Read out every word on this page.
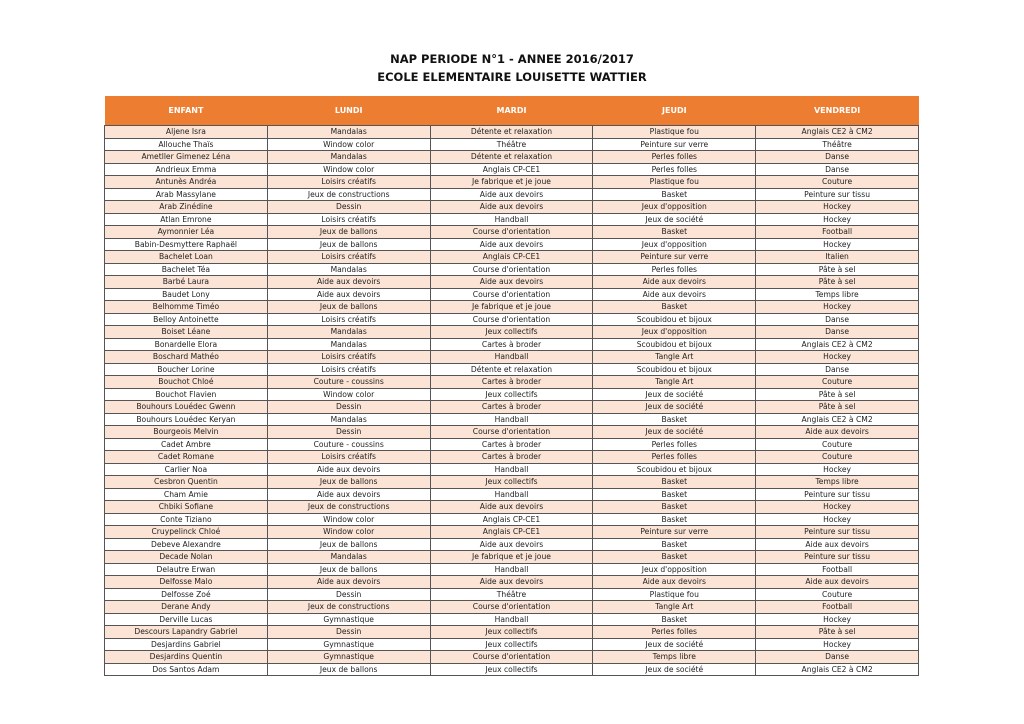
NAP PERIODE N°1 - ANNEE 2016/2017
ECOLE ELEMENTAIRE LOUISETTE WATTIER
ENFANT	LUNDI	MARDI	JEUDI	VENDREDI
Aljene Isra	Mandalas	Détente et relaxation	Plastique fou	Anglais CE2 à CM2
Allouche Thaïs	Window color	Théâtre	Peinture sur verre	Théâtre
Ametller Gimenez Léna	Mandalas	Détente et relaxation	Perles folles	Danse
Andrieux Emma	Window color	Anglais CP-CE1	Perles folles	Danse
Antunès Andréa	Loisirs créatifs	Je fabrique et je joue	Plastique fou	Couture
Arab Massylane	Jeux de constructions	Aide aux devoirs	Basket	Peinture sur tissu
Arab Zinédine	Dessin	Aide aux devoirs	Jeux d'opposition	Hockey
Atlan Emrone	Loisirs créatifs	Handball	Jeux de société	Hockey
Aymonnier Léa	Jeux de ballons	Course d'orientation	Basket	Football
Babin-Desmyttere Raphaël	Jeux de ballons	Aide aux devoirs	Jeux d'opposition	Hockey
Bachelet Loan	Loisirs créatifs	Anglais CP-CE1	Peinture sur verre	Italien
Bachelet Téa	Mandalas	Course d'orientation	Perles folles	Pâte à sel
Barbé Laura	Aide aux devoirs	Aide aux devoirs	Aide aux devoirs	Pâte à sel
Baudet Lony	Aide aux devoirs	Course d'orientation	Aide aux devoirs	Temps libre
Belhomme Timéo	Jeux de ballons	Je fabrique et je joue	Basket	Hockey
Belloy Antoinette	Loisirs créatifs	Course d'orientation	Scoubidou et bijoux	Danse
Boiset Léane	Mandalas	Jeux collectifs	Jeux d'opposition	Danse
Bonardelle Elora	Mandalas	Cartes à broder	Scoubidou et bijoux	Anglais CE2 à CM2
Boschard Mathéo	Loisirs créatifs	Handball	Tangle Art	Hockey
Boucher Lorine	Loisirs créatifs	Détente et relaxation	Scoubidou et bijoux	Danse
Bouchot Chloé	Couture - coussins	Cartes à broder	Tangle Art	Couture
Bouchot Flavien	Window color	Jeux collectifs	Jeux de société	Pâte à sel
Bouhours Louédec Gwenn	Dessin	Cartes à broder	Jeux de société	Pâte à sel
Bouhours Louédec Keryan	Mandalas	Handball	Basket	Anglais CE2 à CM2
Bourgeois Melvin	Dessin	Course d'orientation	Jeux de société	Aide aux devoirs
Cadet Ambre	Couture - coussins	Cartes à broder	Perles folles	Couture
Cadet Romane	Loisirs créatifs	Cartes à broder	Perles folles	Couture
Carlier Noa	Aide aux devoirs	Handball	Scoubidou et bijoux	Hockey
Cesbron Quentin	Jeux de ballons	Jeux collectifs	Basket	Temps libre
Cham Amie	Aide aux devoirs	Handball	Basket	Peinture sur tissu
Chbiki Sofiane	Jeux de constructions	Aide aux devoirs	Basket	Hockey
Conte Tiziano	Window color	Anglais CP-CE1	Basket	Hockey
Cruypelinck Chloé	Window color	Anglais CP-CE1	Peinture sur verre	Peinture sur tissu
Debeve Alexandre	Jeux de ballons	Aide aux devoirs	Basket	Aide aux devoirs
Decade Nolan	Mandalas	Je fabrique et je joue	Basket	Peinture sur tissu
Delautre Erwan	Jeux de ballons	Handball	Jeux d'opposition	Football
Delfosse Malo	Aide aux devoirs	Aide aux devoirs	Aide aux devoirs	Aide aux devoirs
Delfosse Zoé	Dessin	Théâtre	Plastique fou	Couture
Derane Andy	Jeux de constructions	Course d'orientation	Tangle Art	Football
Derville Lucas	Gymnastique	Handball	Basket	Hockey
Descours Lapandry Gabriel	Dessin	Jeux collectifs	Perles folles	Pâte à sel
Desjardins Gabriel	Gymnastique	Jeux collectifs	Jeux de société	Hockey
Desjardins Quentin	Gymnastique	Course d'orientation	Temps libre	Danse
Dos Santos Adam	Jeux de ballons	Jeux collectifs	Jeux de société	Anglais CE2 à CM2
